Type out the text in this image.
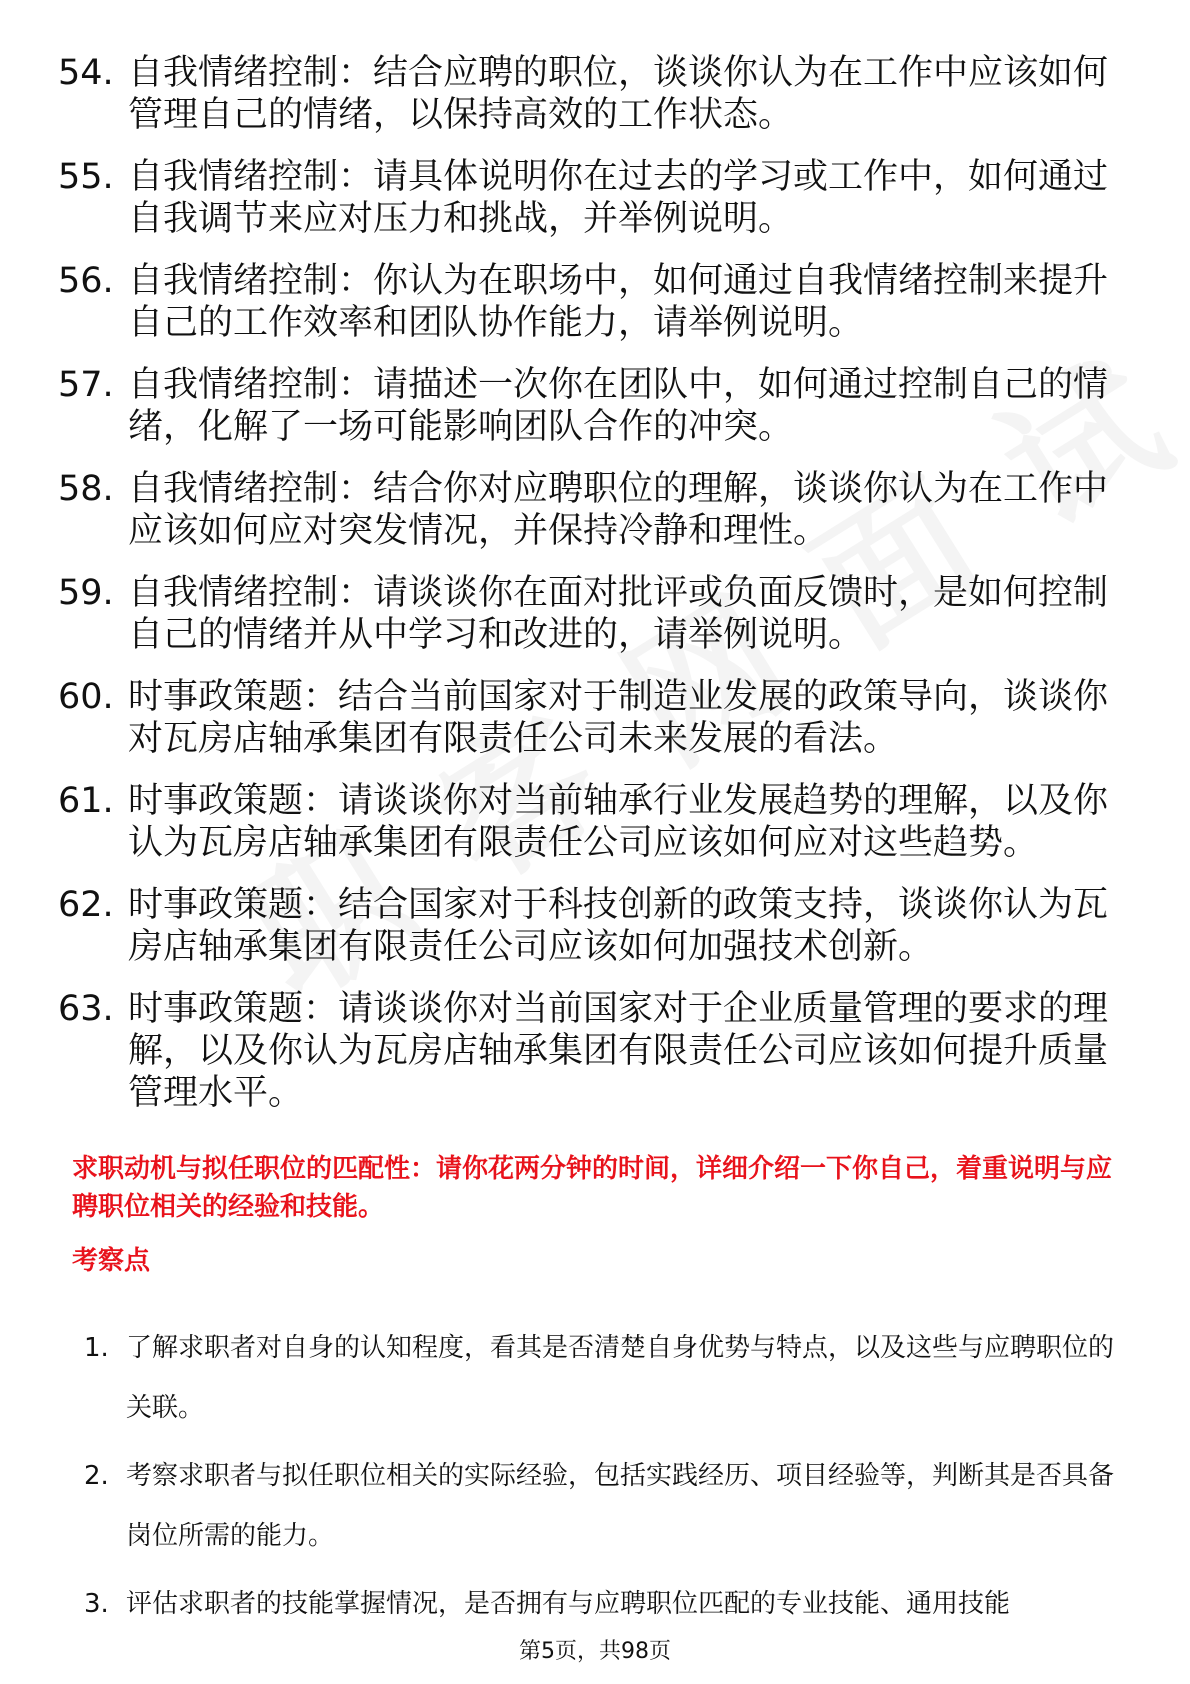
54. 自我情绪控制：结合应聘的职位，谈谈你认为在工作中应该如何管理自己的情绪，以保持高效的工作状态。
55. 自我情绪控制：请具体说明你在过去的学习或工作中，如何通过自我调节来应对压力和挑战，并举例说明。
56. 自我情绪控制：你认为在职场中，如何通过自我情绪控制来提升自己的工作效率和团队协作能力，请举例说明。
57. 自我情绪控制：请描述一次你在团队中，如何通过控制自己的情绪，化解了一场可能影响团队合作的冲突。
58. 自我情绪控制：结合你对应聘职位的理解，谈谈你认为在工作中应该如何应对突发情况，并保持冷静和理性。
59. 自我情绪控制：请谈谈你在面对批评或负面反馈时，是如何控制自己的情绪并从中学习和改进的，请举例说明。
60. 时事政策题：结合当前国家对于制造业发展的政策导向，谈谈你对瓦房店轴承集团有限责任公司未来发展的看法。
61. 时事政策题：请谈谈你对当前轴承行业发展趋势的理解，以及你认为瓦房店轴承集团有限责任公司应该如何应对这些趋势。
62. 时事政策题：结合国家对于科技创新的政策支持，谈谈你认为瓦房店轴承集团有限责任公司应该如何加强技术创新。
63. 时事政策题：请谈谈你对当前国家对于企业质量管理的要求的理解，以及你认为瓦房店轴承集团有限责任公司应该如何提升质量管理水平。
求职动机与拟任职位的匹配性：请你花两分钟的时间，详细介绍一下你自己，着重说明与应聘职位相关的经验和技能。
考察点
1. 了解求职者对自身的认知程度，看其是否清楚自身优势与特点，以及这些与应聘职位的关联。
2. 考察求职者与拟任职位相关的实际经验，包括实践经历、项目经验等，判断其是否具备岗位所需的能力。
3. 评估求职者的技能掌握情况，是否拥有与应聘职位匹配的专业技能、通用技能
第5页，共98页
